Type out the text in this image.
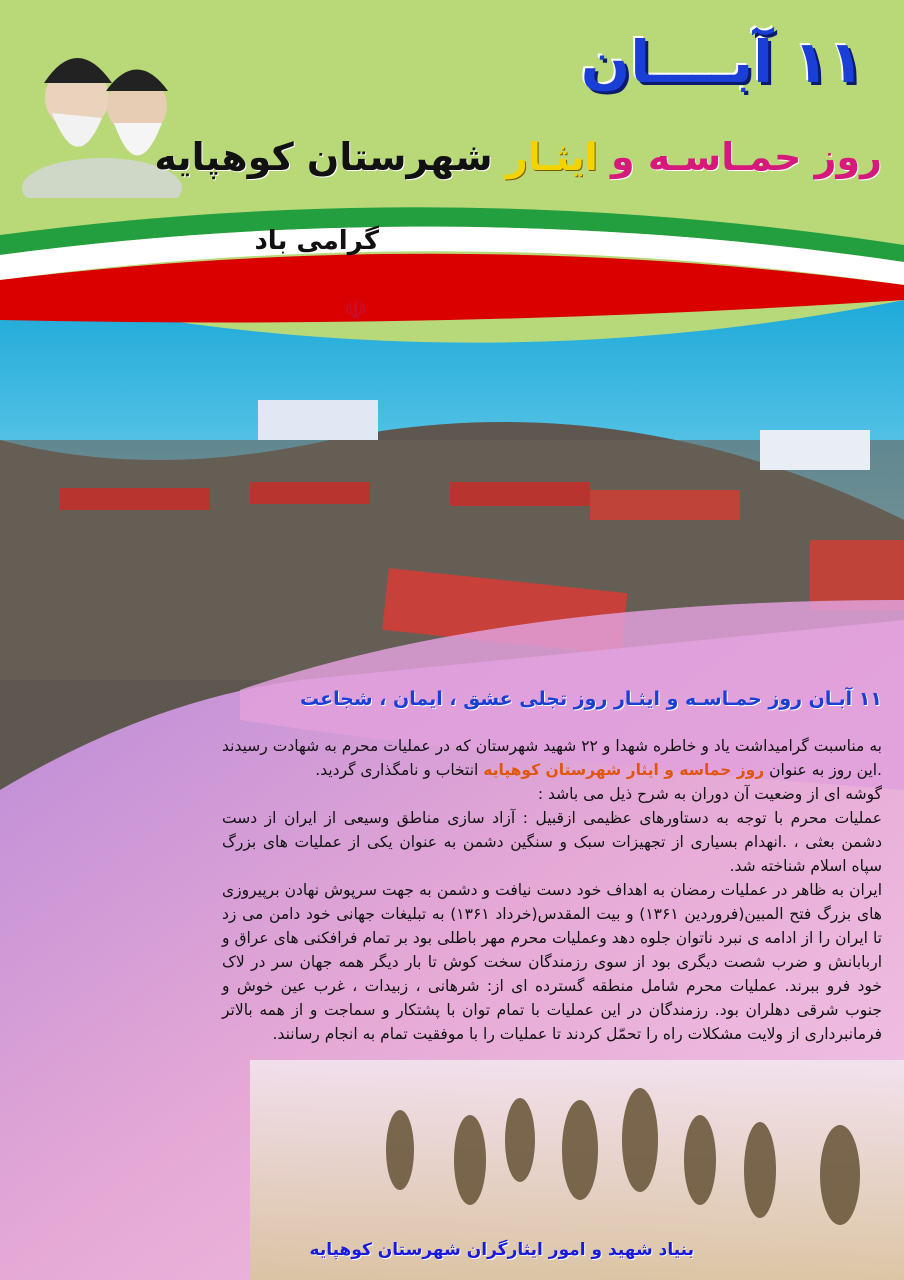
۱۱ آبــــان
روز حمـاسـه و ایثـار شهرستان کوهپایه
گرامی باد
☫
۱۱ آبـان روز حمـاسـه و ایثـار روز تجلی عشق ، ایمان ، شجاعت

به مناسبت گرامیداشت یاد و خاطره شهدا و ۲۲ شهید شهرستان که در عملیات محرم به شهادت رسیدند .این روز به عنوان روز حماسه و ایثار شهرستان کوهپایه انتخاب و نامگذاری گردید.

گوشه ای از وضعیت آن دوران به شرح ذیل می باشد :

عملیات محرم با توجه به دستاورهای عظیمی ازقبیل : آزاد سازی مناطق وسیعی از ایران از دست دشمن بعثی ، .انهدام بسیاری از تجهیزات سبک و سنگین دشمن به عنوان یکی از عملیات های بزرگ سپاه اسلام شناخته شد.

ایران به ظاهر در عملیات رمضان به اهداف خود دست نیافت و دشمن به جهت سرپوش نهادن برپیروزی های بزرگ فتح المبین(فروردین ۱۳۶۱) و بیت المقدس(خرداد ۱۳۶۱) به تبلیغات جهانی خود دامن می زد تا ایران را از ادامه ی نبرد ناتوان جلوه دهد وعملیات محرم مهر باطلی بود بر تمام فرافکنی های عراق و اربابانش و ضرب شصت دیگری بود از سوی رزمندگان سخت کوش تا بار دیگر همه جهان سر در لاک خود فرو ببرند. عملیات محرم شامل منطقه گسترده ای از: شرهانی ، زبیدات ، غرب عین خوش و جنوب شرقی دهلران بود. رزمندگان در این عملیات با تمام توان با پشتکار و سماجت و از همه بالاتر فرمانبرداری از ولایت مشکلات راه را تحمّل کردند تا عملیات را با موفقیت تمام به انجام رسانند.

بنیاد شهید و امور ایثارگران شهرستان کوهپایه
